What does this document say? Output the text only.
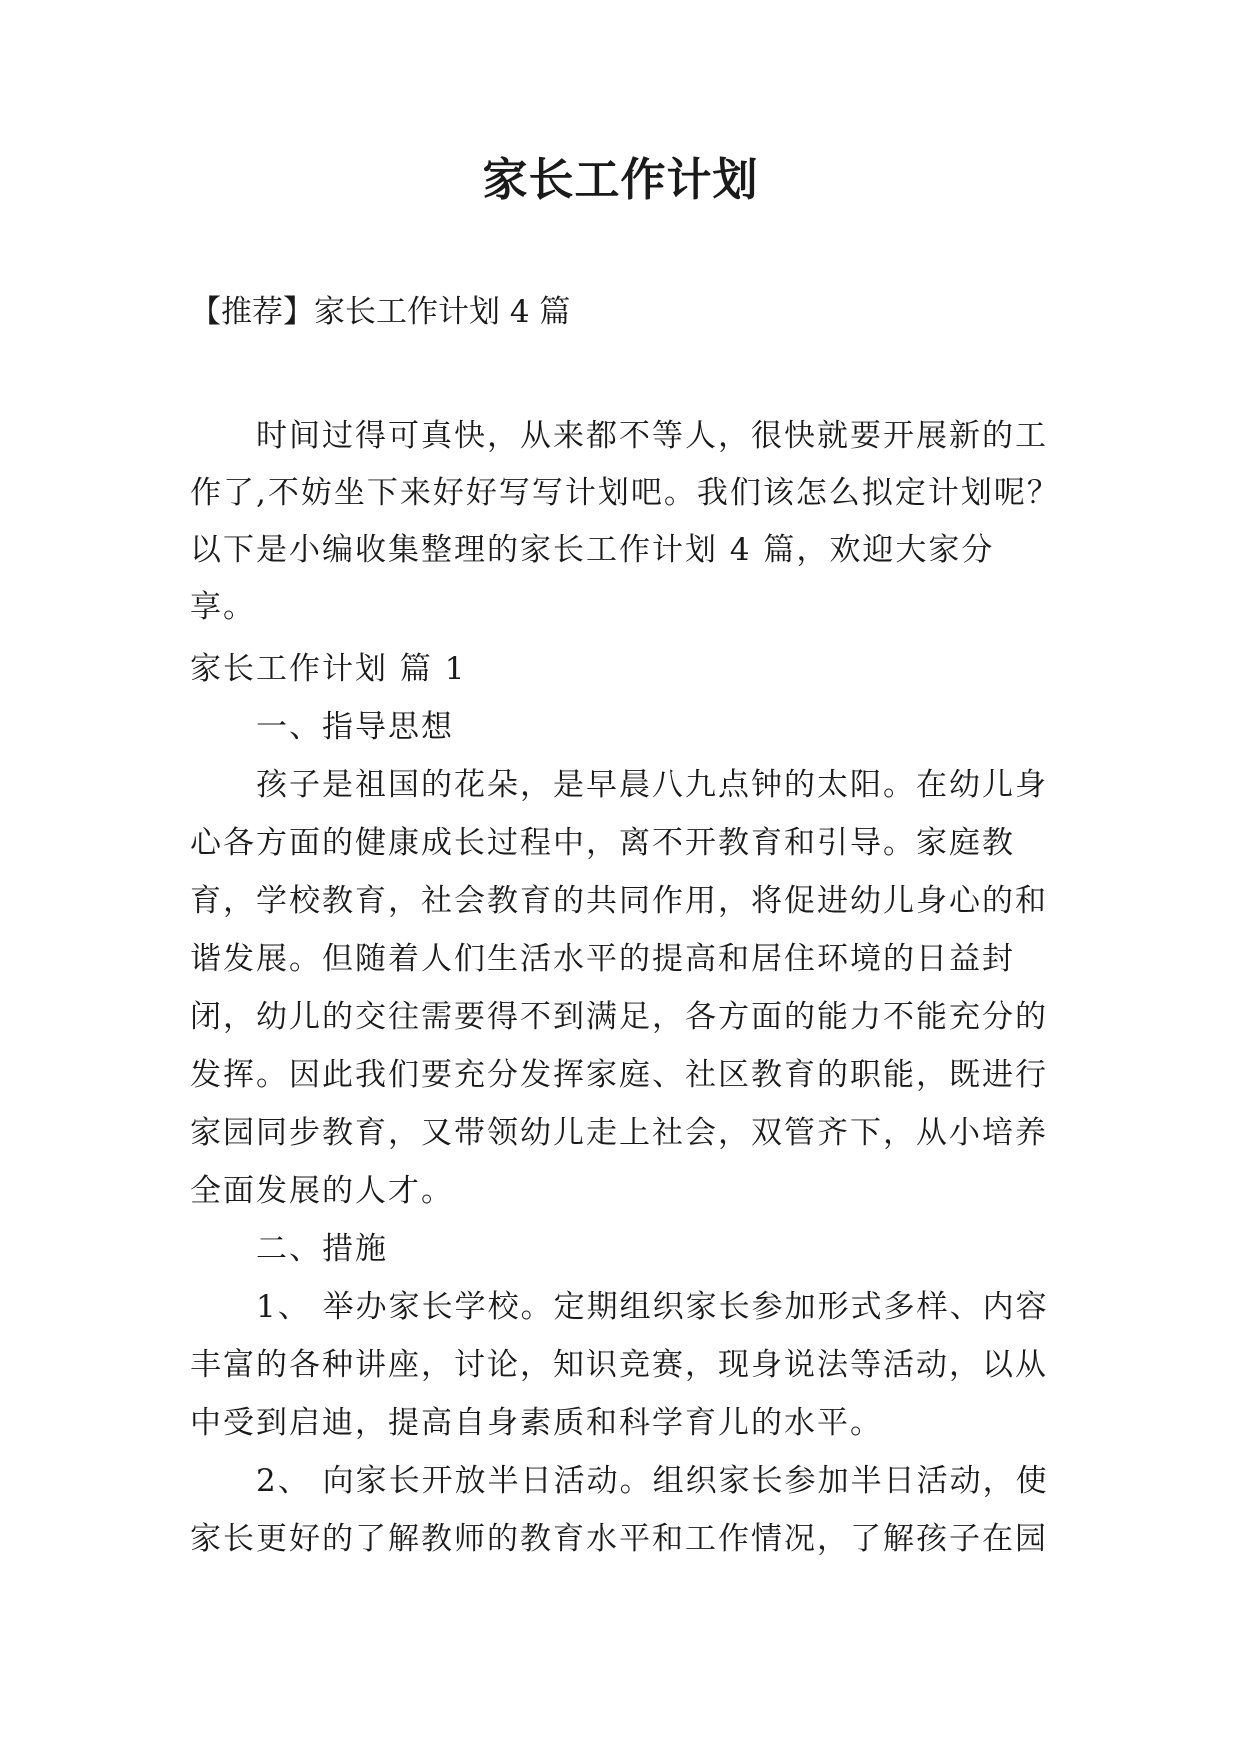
家长工作计划
【推荐】家长工作计划 4 篇

时间过得可真快，从来都不等人，很快就要开展新的工作了,不妨坐下来好好写写计划吧。我们该怎么拟定计划呢？以下是小编收集整理的家长工作计划 4 篇，欢迎大家分享。

家长工作计划 篇 1

一、指导思想

孩子是祖国的花朵，是早晨八九点钟的太阳。在幼儿身心各方面的健康成长过程中，离不开教育和引导。家庭教育，学校教育，社会教育的共同作用，将促进幼儿身心的和谐发展。但随着人们生活水平的提高和居住环境的日益封闭，幼儿的交往需要得不到满足，各方面的能力不能充分的发挥。因此我们要充分发挥家庭、社区教育的职能，既进行家园同步教育，又带领幼儿走上社会，双管齐下，从小培养全面发展的人才。

二、措施

1、 举办家长学校。定期组织家长参加形式多样、内容丰富的各种讲座，讨论，知识竞赛，现身说法等活动，以从中受到启迪，提高自身素质和科学育儿的水平。

2、 向家长开放半日活动。组织家长参加半日活动，使家长更好的了解教师的教育水平和工作情况，了解孩子在园
